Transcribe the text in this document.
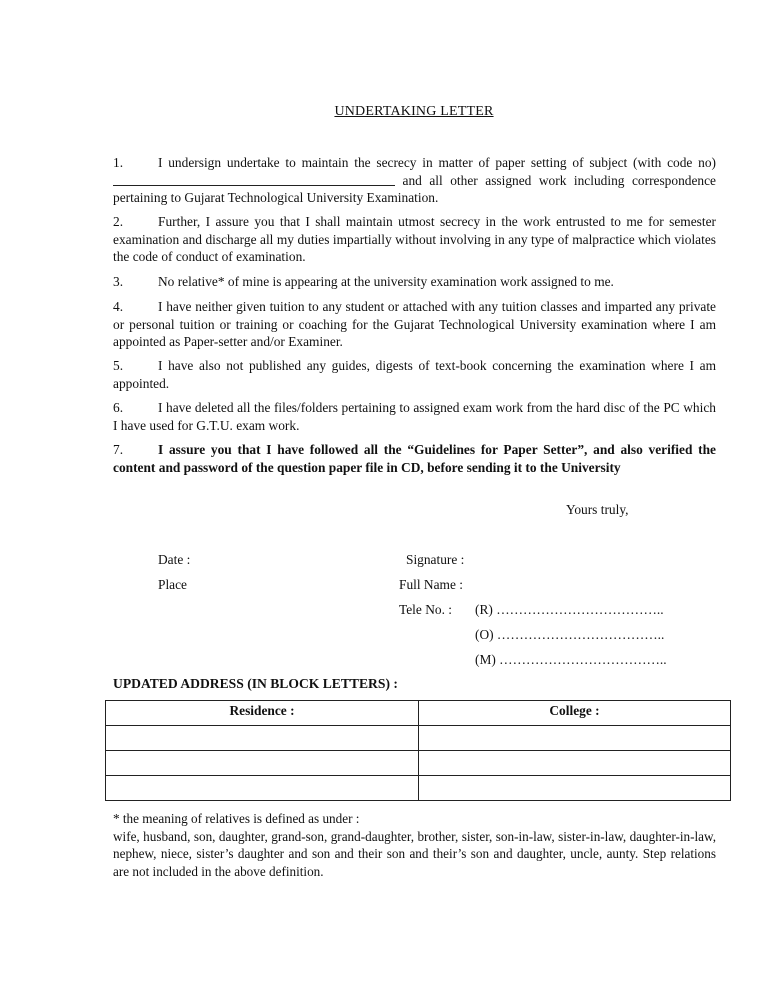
UNDERTAKING LETTER
1.	I undersign undertake to maintain the secrecy in matter of paper setting of subject (with code no)  and all other assigned work including correspondence pertaining to Gujarat Technological University Examination.
2.	Further, I assure you that I shall maintain utmost secrecy in the work entrusted to me for semester examination and discharge all my duties impartially without involving in any type of malpractice which violates the code of conduct of examination.
3.	No relative* of mine is appearing at the university examination work assigned to me.
4.	I have neither given tuition to any student or attached with any tuition classes and imparted any private or personal tuition or training or coaching for the Gujarat Technological University examination where I am appointed as Paper-setter and/or Examiner.
5.	I have also not published any guides, digests of text-book concerning the examination where I am appointed.
6.	I have deleted all the files/folders pertaining to assigned exam work from the hard disc of the PC which I have used for G.T.U. exam work.
7.	I assure you that I have followed all the “Guidelines for Paper Setter”, and also verified the content and password of the question paper file in CD, before sending it to the University
Yours truly,
Date :
Place
Signature :
Full Name :
Tele No. : (R) ………………………………..
(O) ………………………………..
(M) ………………………………..
UPDATED ADDRESS (IN BLOCK LETTERS) :
Residence :	College :

* the meaning of relatives is defined as under :
wife, husband, son, daughter, grand-son, grand-daughter, brother, sister, son-in-law, sister-in-law, daughter-in-law, nephew, niece, sister’s daughter and son and their son and their’s son and daughter, uncle, aunty. Step relations are not included in the above definition.
